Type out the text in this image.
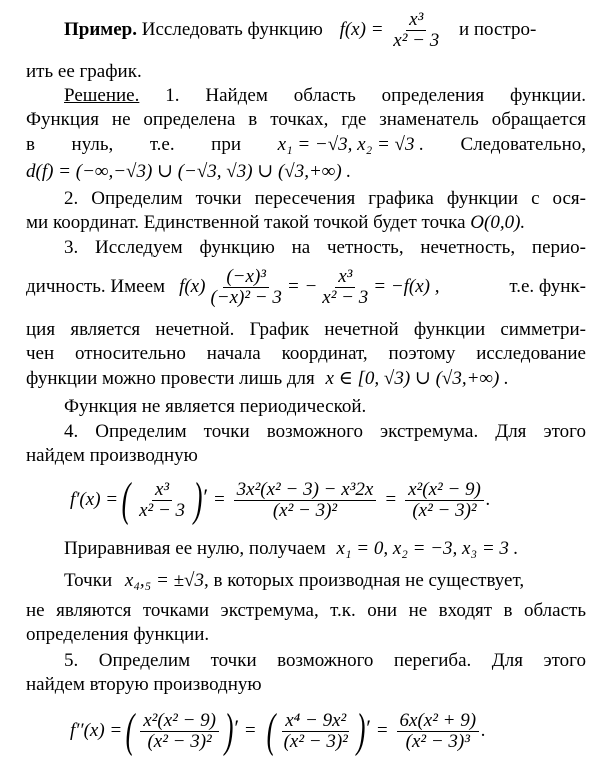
Пример. Исследовать функцию $f(x) = \frac{\text{x³}}{\text{x² − 3}}$ и постро-
ить ее график.
Решение. 1. Найдем область определения функции.
Функция не определена в точках, где знаменатель обращается
в нуль, т.е. при x₁ = −√3, x₂ = √3 . Следовательно,
d(f) = (−∞,−√3) ∪ (−√3, √3) ∪ (√3,+∞) .
2. Определим точки пересечения графика функции с ося-
ми координат. Единственной такой точкой будет точка O(0,0).
3. Исследуем функцию на четность, нечетность, перио-
дичность. Имеем $f(x) \frac{\text{(−x)³}}{\text{(−x)² − 3}}$ = − $\frac{\text{x³}}{\text{x² − 3}} = -f(x)$ ,	т.е. функ-
ция является нечетной. График нечетной функции симметри-
чен относительно начала координат, поэтому исследование
функции можно провести лишь для x ∈ [0, √3) ∪ (√3,+∞) .
Функция не является периодической.
4. Определим точки возможного экстремума. Для этого
найдем производную
f′(x) = ( $\frac{\text{x³}}{\text{x² − 3}}$ ) ′ = $\frac{\text{3x²(x² − 3) − x³2x}}{\text{(x² − 3)²}} = \frac{\text{x²(x² − 9)}}{\text{(x² − 3)²}}$ .
Приравнивая ее нулю, получаем x₁ = 0, x₂ = −3, x₃ = 3 .
Точки x₄,₅ = ±√3, в которых производная не существует,
не являются точками экстремума, т.к. они не входят в область
определения функции.
5. Определим точки возможного перегиба. Для этого
найдем вторую производную
f′′(x) = ( $\frac{\text{x²(x² − 9)}}{\text{(x² − 3)²}}$ ) ′ = ( $\frac{\text{x⁴ − 9x²}}{\text{(x² − 3)²}}$ ) ′ = $\frac{\text{6x(x² + 9)}}{\text{(x² − 3)³}}$ .
